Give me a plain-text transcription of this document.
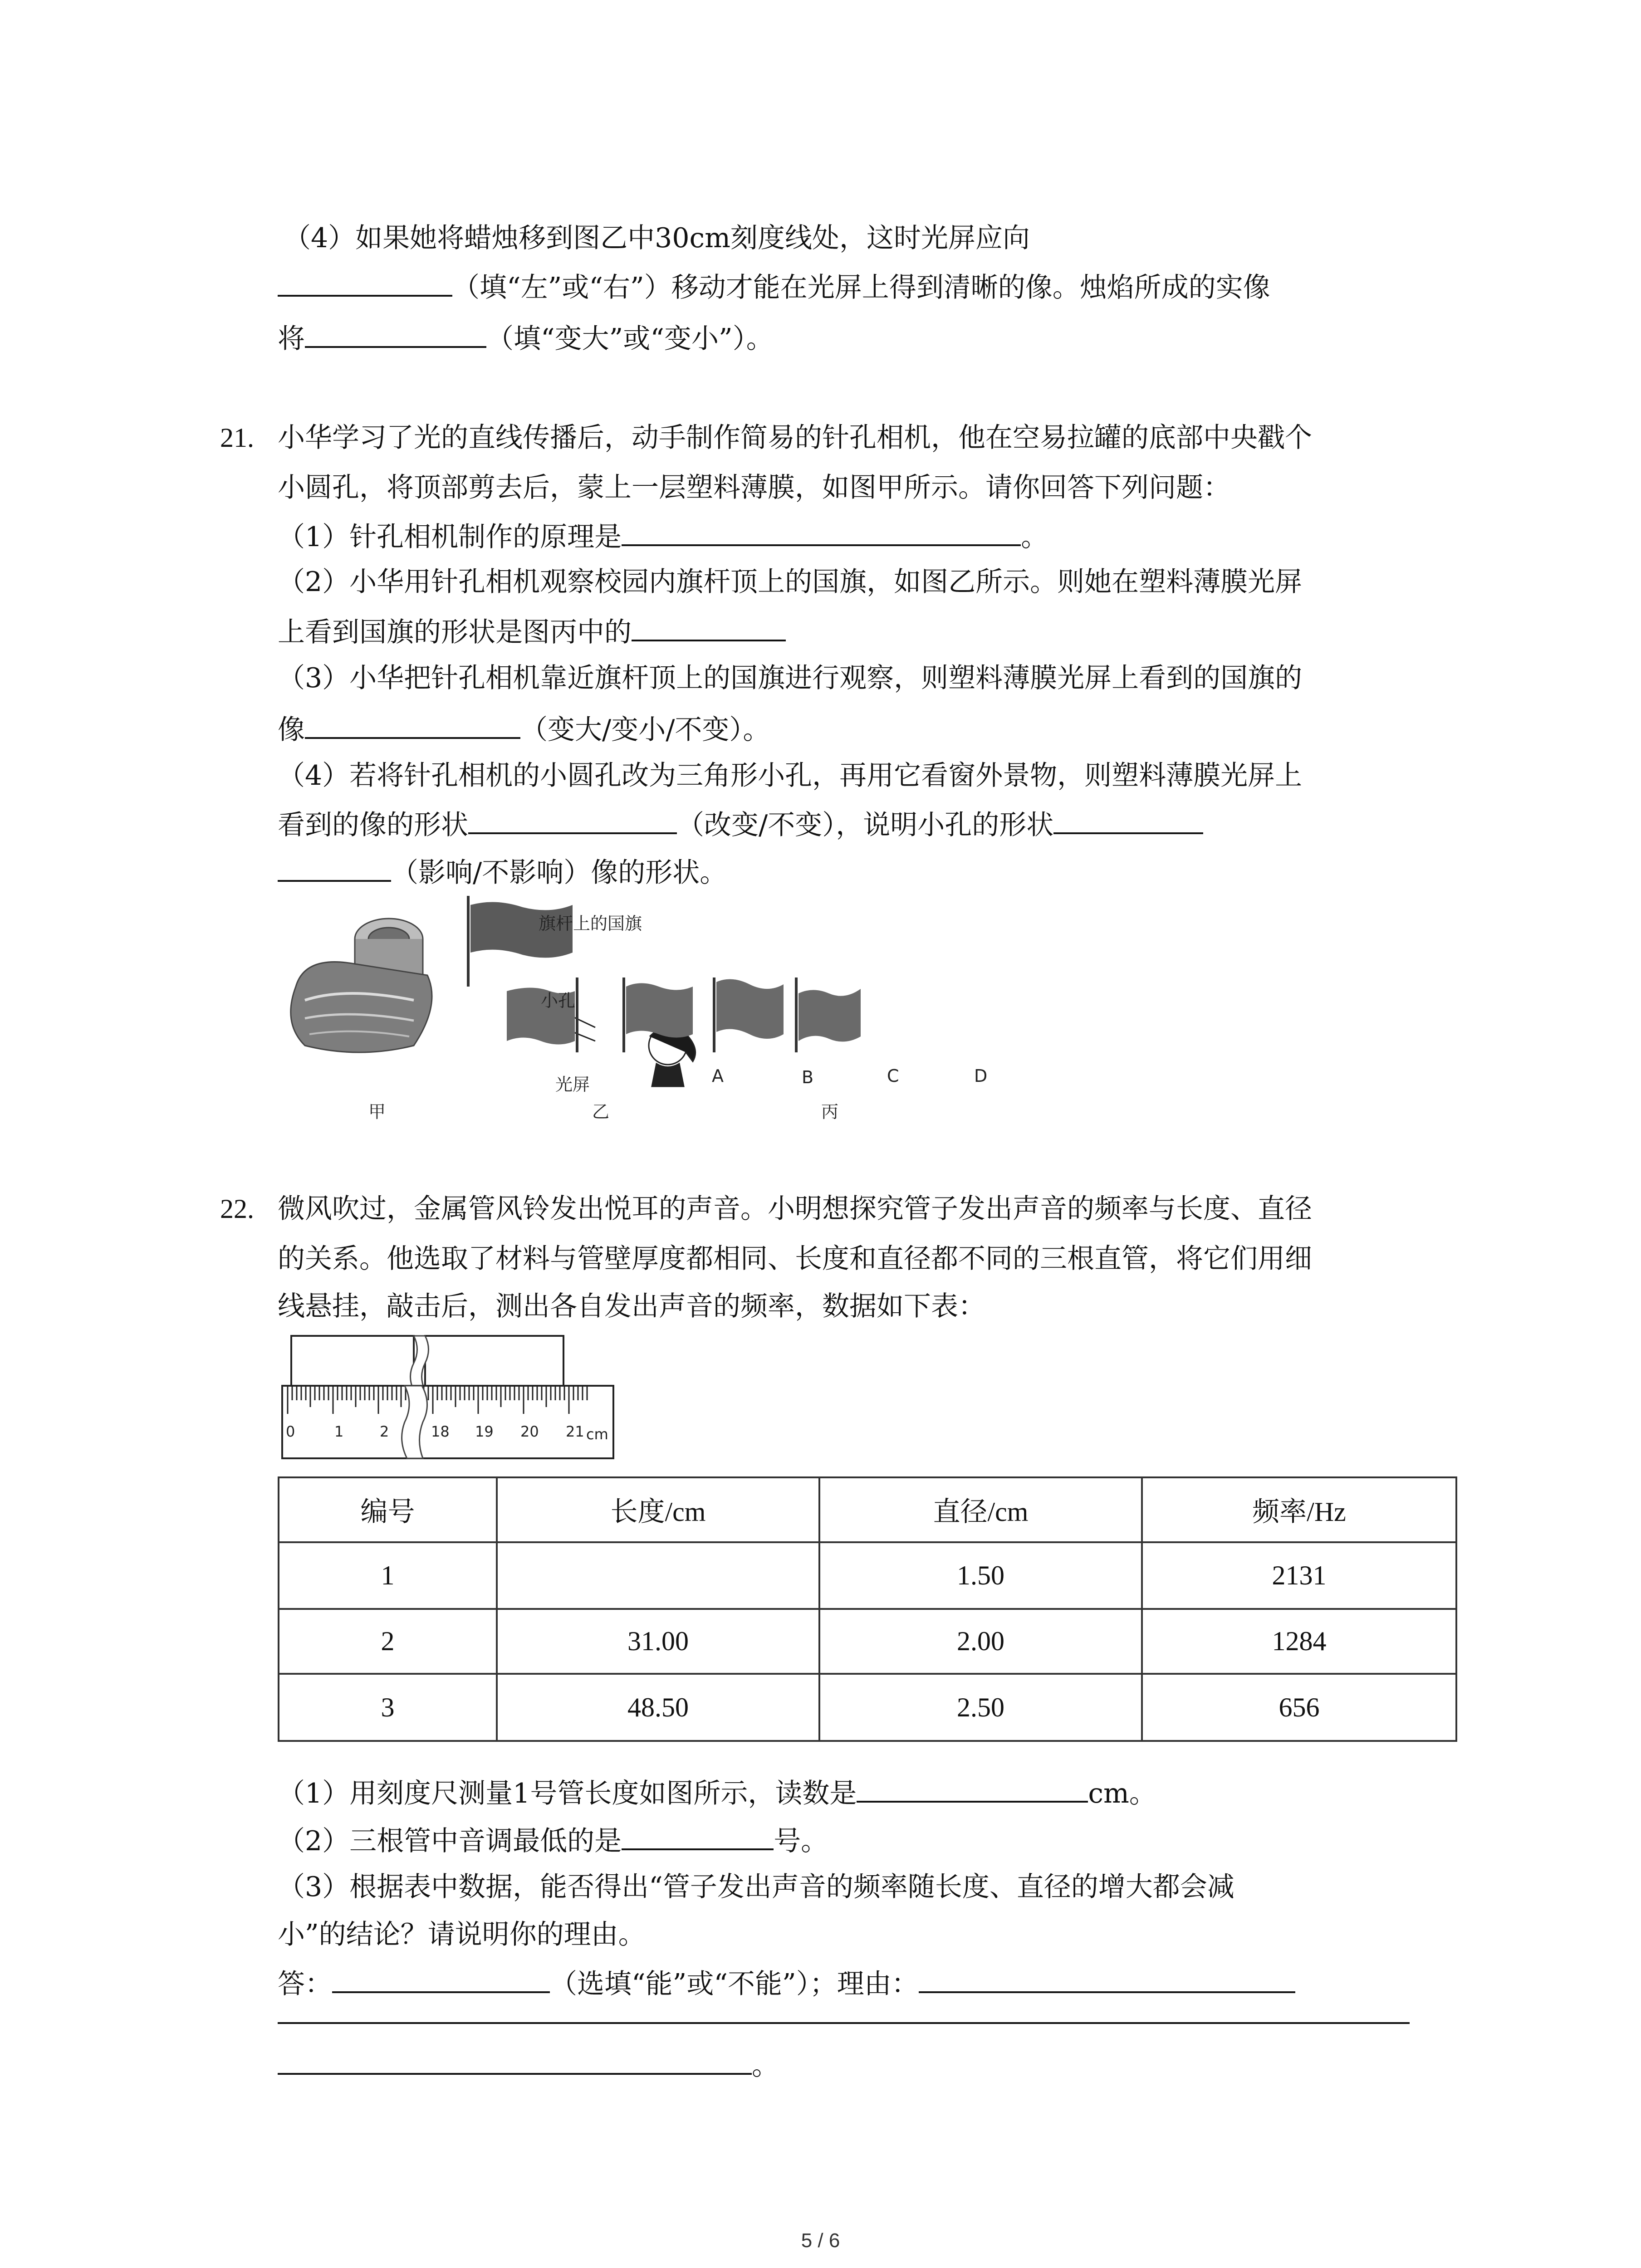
（4）如果她将蜡烛移到图乙中30cm刻度线处，这时光屏应向
（填“左”或“右”）移动才能在光屏上得到清晰的像。烛焰所成的实像
将	（填“变大”或“变小”）。
21. 小华学习了光的直线传播后，动手制作简易的针孔相机，他在空易拉罐的底部中央戳个
小圆孔，将顶部剪去后，蒙上一层塑料薄膜，如图甲所示。请你回答下列问题：
（1）针孔相机制作的原理是	。
（2）小华用针孔相机观察校园内旗杆顶上的国旗，如图乙所示。则她在塑料薄膜光屏
上看到国旗的形状是图丙中的
（3）小华把针孔相机靠近旗杆顶上的国旗进行观察，则塑料薄膜光屏上看到的国旗的
像	（变大/变小/不变）。
（4）若将针孔相机的小圆孔改为三角形小孔，再用它看窗外景物，则塑料薄膜光屏上
看到的像的形状	（改变/不变），说明小孔的形状
（影响/不影响）像的形状。
旗杆上的国旗
小孔
光屏	A	B	C	D
甲	乙	丙
22. 微风吹过，金属管风铃发出悦耳的声音。小明想探究管子发出声音的频率与长度、直径
的关系。他选取了材料与管壁厚度都相同、长度和直径都不同的三根直管，将它们用细
线悬挂，敲击后，测出各自发出声音的频率，数据如下表：
0	1 2	18 19 20 21 cm
编号	长度/cm	直径/cm	频率/Hz
1		1.50	2131
2	31.00	2.00	1284
3	48.50	2.50	656
（1）用刻度尺测量1号管长度如图所示，读数是	cm。
（2）三根管中音调最低的是	号。
（3）根据表中数据，能否得出“管子发出声音的频率随长度、直径的增大都会减
小”的结论？请说明你的理由。
答：	（选填“能”或“不能”）；理由：
。
5 / 6
